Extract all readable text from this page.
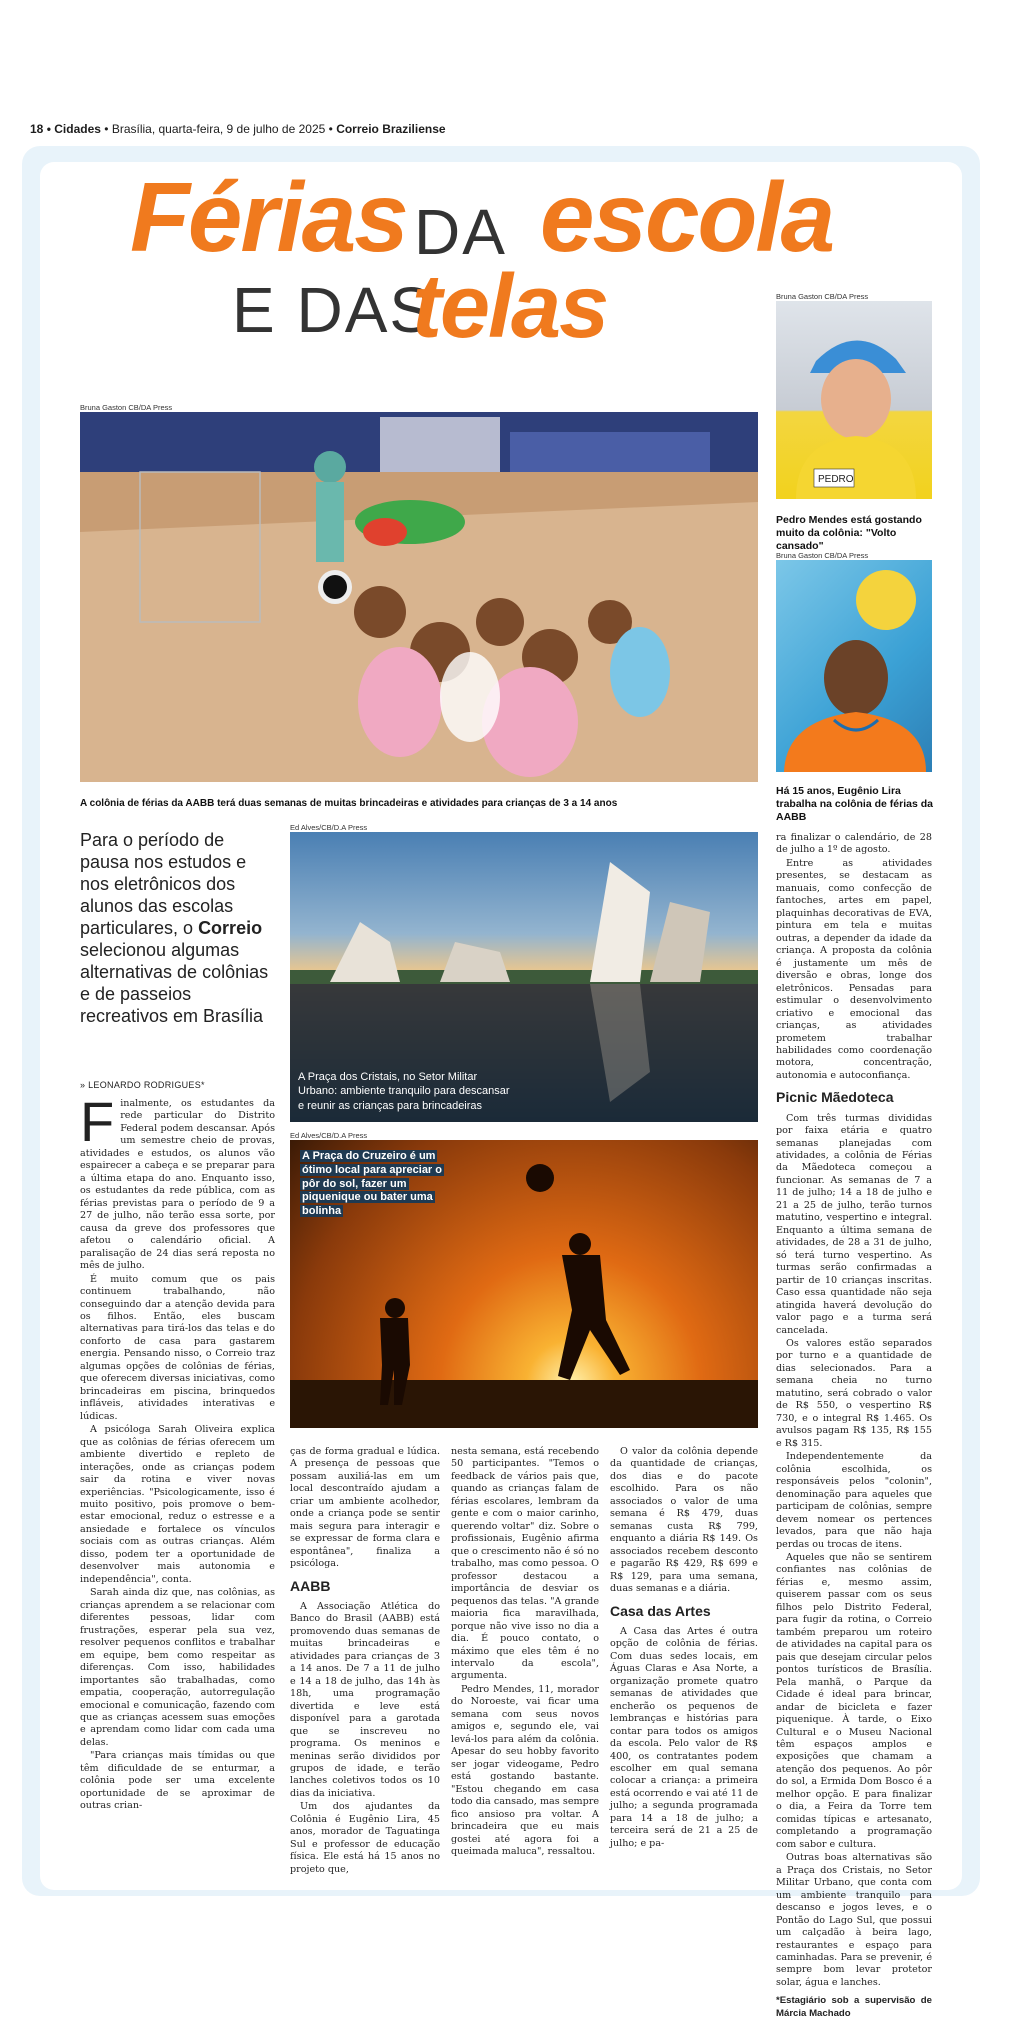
18 • Cidades • Brasília, quarta-feira, 9 de julho de 2025 • Correio Braziliense
Férias DA escola
E DAS
telas
Bruna Gaston CB/DA Press
A colônia de férias da AABB terá duas semanas de muitas brincadeiras e atividades para crianças de 3 a 14 anos
Bruna Gaston CB/DA Press
PEDRO
Pedro Mendes está gostando muito da colônia: "Volto cansado"
Bruna Gaston CB/DA Press
Há 15 anos, Eugênio Lira trabalha na colônia de férias da AABB
Para o período de pausa nos estudos e nos eletrônicos dos alunos das escolas particulares, o Correio selecionou algumas alternativas de colônias e de passeios recreativos em Brasília
» LEONARDO RODRIGUES*
Ed Alves/CB/D.A Press
A Praça dos Cristais, no Setor Militar Urbano: ambiente tranquilo para descansar e reunir as crianças para brincadeiras
Ed Alves/CB/D.A Press
A Praça do Cruzeiro é um ótimo local para apreciar o pôr do sol, fazer um piquenique ou bater uma bolinha

Finalmente, os estudantes da rede particular do Distrito Federal podem descansar. Após um semestre cheio de provas, atividades e estudos, os alunos vão espairecer a cabeça e se preparar para a última etapa do ano. Enquanto isso, os estudantes da rede pública, com as férias previstas para o período de 9 a 27 de julho, não terão essa sorte, por causa da greve dos professores que afetou o calendário oficial. A paralisação de 24 dias será reposta no mês de julho.

É muito comum que os pais continuem trabalhando, não conseguindo dar a atenção devida para os filhos. Então, eles buscam alternativas para tirá-los das telas e do conforto de casa para gastarem energia. Pensando nisso, o Correio traz algumas opções de colônias de férias, que oferecem diversas iniciativas, como brincadeiras em piscina, brinquedos infláveis, atividades interativas e lúdicas.

A psicóloga Sarah Oliveira explica que as colônias de férias oferecem um ambiente divertido e repleto de interações, onde as crianças podem sair da rotina e viver novas experiências. "Psicologicamente, isso é muito positivo, pois promove o bem-estar emocional, reduz o estresse e a ansiedade e fortalece os vínculos sociais com as outras crianças. Além disso, podem ter a oportunidade de desenvolver mais autonomia e independência", conta.

Sarah ainda diz que, nas colônias, as crianças aprendem a se relacionar com diferentes pessoas, lidar com frustrações, esperar pela sua vez, resolver pequenos conflitos e trabalhar em equipe, bem como respeitar as diferenças. Com isso, habilidades importantes são trabalhadas, como empatia, cooperação, autorregulação emocional e comunicação, fazendo com que as crianças acessem suas emoções e aprendam como lidar com cada uma delas.

"Para crianças mais tímidas ou que têm dificuldade de se enturmar, a colônia pode ser uma excelente oportunidade de se aproximar de outras crian-

ças de forma gradual e lúdica. A presença de pessoas que possam auxiliá-las em um local descontraído ajudam a criar um ambiente acolhedor, onde a criança pode se sentir mais segura para interagir e se expressar de forma clara e espontânea", finaliza a psicóloga.

AABB

A Associação Atlética do Banco do Brasil (AABB) está promovendo duas semanas de muitas brincadeiras e atividades para crianças de 3 a 14 anos. De 7 a 11 de julho e 14 a 18 de julho, das 14h às 18h, uma programação divertida e leve está disponível para a garotada que se inscreveu no programa. Os meninos e meninas serão divididos por grupos de idade, e terão lanches coletivos todos os 10 dias da iniciativa.

Um dos ajudantes da Colônia é Eugênio Lira, 45 anos, morador de Taguatinga Sul e professor de educação física. Ele está há 15 anos no projeto que,

nesta semana, está recebendo 50 participantes. "Temos o feedback de vários pais que, quando as crianças falam de férias escolares, lembram da gente e com o maior carinho, querendo voltar" diz. Sobre o profissionais, Eugênio afirma que o crescimento não é só no trabalho, mas como pessoa. O professor destacou a importância de desviar os pequenos das telas. "A grande maioria fica maravilhada, porque não vive isso no dia a dia. É pouco contato, o máximo que eles têm é no intervalo da escola", argumenta.

Pedro Mendes, 11, morador do Noroeste, vai ficar uma semana com seus novos amigos e, segundo ele, vai levá-los para além da colônia. Apesar do seu hobby favorito ser jogar videogame, Pedro está gostando bastante. "Estou chegando em casa todo dia cansado, mas sempre fico ansioso pra voltar. A brincadeira que eu mais gostei até agora foi a queimada maluca", ressaltou.

O valor da colônia depende da quantidade de crianças, dos dias e do pacote escolhido. Para os não associados o valor de uma semana é R$ 479, duas semanas custa R$ 799, enquanto a diária R$ 149. Os associados recebem desconto e pagarão R$ 429, R$ 699 e R$ 129, para uma semana, duas semanas e a diária.

Casa das Artes

A Casa das Artes é outra opção de colônia de férias. Com duas sedes locais, em Águas Claras e Asa Norte, a organização promete quatro semanas de atividades que encherão os pequenos de lembranças e histórias para contar para todos os amigos da escola. Pelo valor de R$ 400, os contratantes podem escolher em qual semana colocar a criança: a primeira está ocorrendo e vai até 11 de julho; a segunda programada para 14 a 18 de julho; a terceira será de 21 a 25 de julho; e pa-

ra finalizar o calendário, de 28 de julho a 1º de agosto.

Entre as atividades presentes, se destacam as manuais, como confecção de fantoches, artes em papel, plaquinhas decorativas de EVA, pintura em tela e muitas outras, a depender da idade da criança. A proposta da colônia é justamente um mês de diversão e obras, longe dos eletrônicos. Pensadas para estimular o desenvolvimento criativo e emocional das crianças, as atividades prometem trabalhar habilidades como coordenação motora, concentração, autonomia e autoconfiança.

Picnic Mãedoteca

Com três turmas divididas por faixa etária e quatro semanas planejadas com atividades, a colônia de Férias da Mãedoteca começou a funcionar. As semanas de 7 a 11 de julho; 14 a 18 de julho e 21 a 25 de julho, terão turnos matutino, vespertino e integral. Enquanto a última semana de atividades, de 28 a 31 de julho, só terá turno vespertino. As turmas serão confirmadas a partir de 10 crianças inscritas. Caso essa quantidade não seja atingida haverá devolução do valor pago e a turma será cancelada.

Os valores estão separados por turno e a quantidade de dias selecionados. Para a semana cheia no turno matutino, será cobrado o valor de R$ 550, o vespertino R$ 730, e o integral R$ 1.465. Os avulsos pagam R$ 135, R$ 155 e R$ 315.

Independentemente da colônia escolhida, os responsáveis pelos "colonin", denominação para aqueles que participam de colônias, sempre devem nomear os pertences levados, para que não haja perdas ou trocas de itens.

Aqueles que não se sentirem confiantes nas colônias de férias e, mesmo assim, quiserem passar com os seus filhos pelo Distrito Federal, para fugir da rotina, o Correio também preparou um roteiro de atividades na capital para os pais que desejam circular pelos pontos turísticos de Brasília. Pela manhã, o Parque da Cidade é ideal para brincar, andar de bicicleta e fazer piquenique. À tarde, o Eixo Cultural e o Museu Nacional têm espaços amplos e exposições que chamam a atenção dos pequenos. Ao pôr do sol, a Ermida Dom Bosco é a melhor opção. E para finalizar o dia, a Feira da Torre tem comidas típicas e artesanato, completando a programação com sabor e cultura.

Outras boas alternativas são a Praça dos Cristais, no Setor Militar Urbano, que conta com um ambiente tranquilo para descanso e jogos leves, e o Pontão do Lago Sul, que possui um calçadão à beira lago, restaurantes e espaço para caminhadas. Para se prevenir, é sempre bom levar protetor solar, água e lanches.

*Estagiário sob a supervisão de Márcia Machado
